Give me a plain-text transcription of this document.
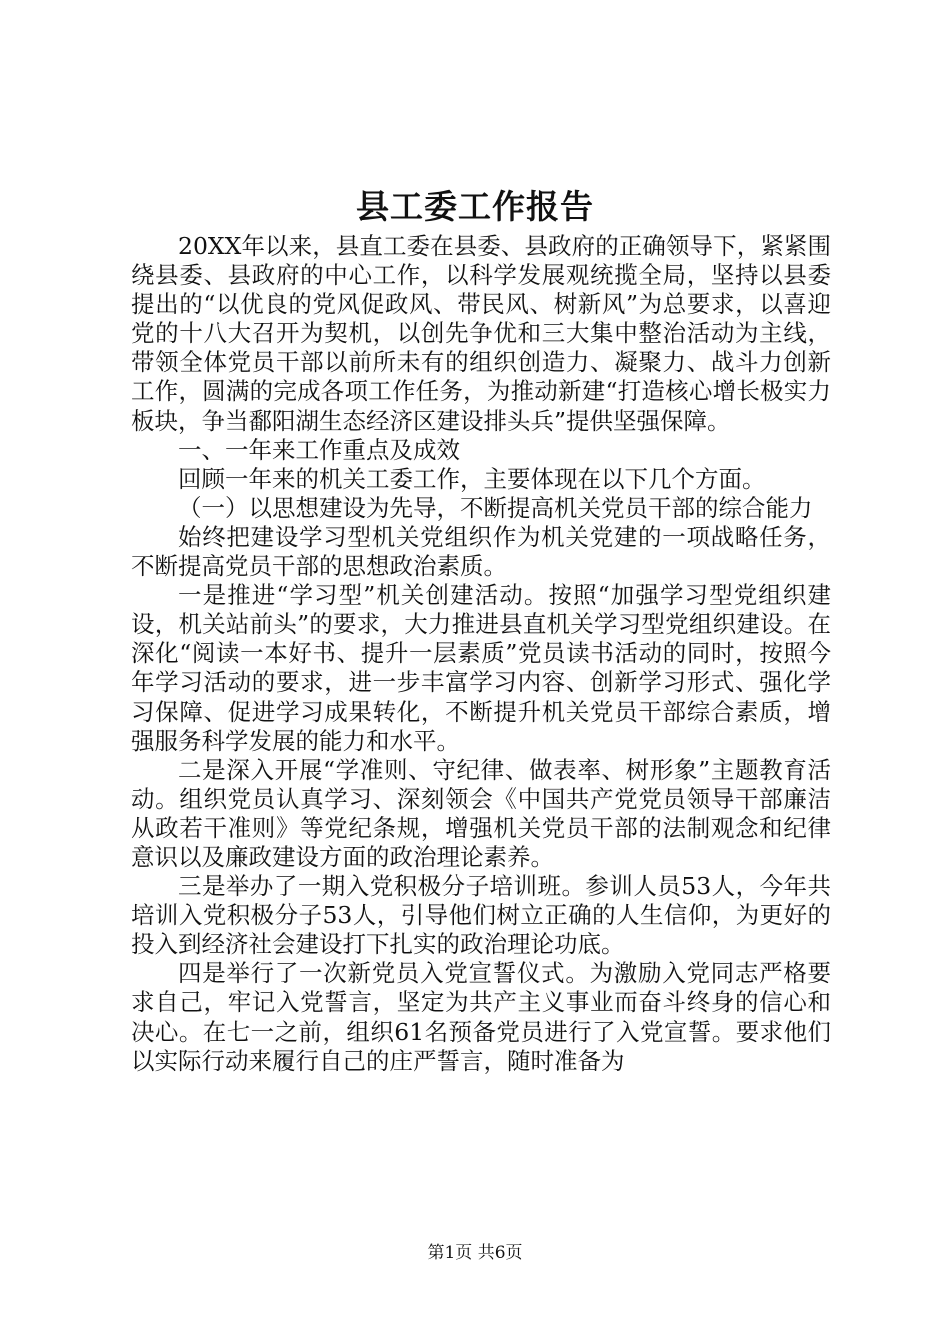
县工委工作报告

20XX年以来，县直工委在县委、县政府的正确领导下，紧紧围绕县委、县政府的中心工作，以科学发展观统揽全局，坚持以县委提出的“以优良的党风促政风、带民风、树新风”为总要求，以喜迎党的十八大召开为契机，以创先争优和三大集中整治活动为主线，带领全体党员干部以前所未有的组织创造力、凝聚力、战斗力创新工作，圆满的完成各项工作任务，为推动新建“打造核心增长极实力板块，争当鄱阳湖生态经济区建设排头兵”提供坚强保障。

一、一年来工作重点及成效

回顾一年来的机关工委工作，主要体现在以下几个方面。

（一）以思想建设为先导，不断提高机关党员干部的综合能力

始终把建设学习型机关党组织作为机关党建的一项战略任务，不断提高党员干部的思想政治素质。

一是推进“学习型”机关创建活动。按照“加强学习型党组织建设，机关站前头”的要求，大力推进县直机关学习型党组织建设。在深化“阅读一本好书、提升一层素质”党员读书活动的同时，按照今年学习活动的要求，进一步丰富学习内容、创新学习形式、强化学习保障、促进学习成果转化，不断提升机关党员干部综合素质，增强服务科学发展的能力和水平。

二是深入开展“学准则、守纪律、做表率、树形象”主题教育活动。组织党员认真学习、深刻领会《中国共产党党员领导干部廉洁从政若干准则》等党纪条规，增强机关党员干部的法制观念和纪律意识以及廉政建设方面的政治理论素养。

三是举办了一期入党积极分子培训班。参训人员53人，今年共培训入党积极分子53人，引导他们树立正确的人生信仰，为更好的投入到经济社会建设打下扎实的政治理论功底。

四是举行了一次新党员入党宣誓仪式。为激励入党同志严格要求自己，牢记入党誓言，坚定为共产主义事业而奋斗终身的信心和决心。在七一之前，组织61名预备党员进行了入党宣誓。要求他们以实际行动来履行自己的庄严誓言，随时准备为

第1页 共6页
